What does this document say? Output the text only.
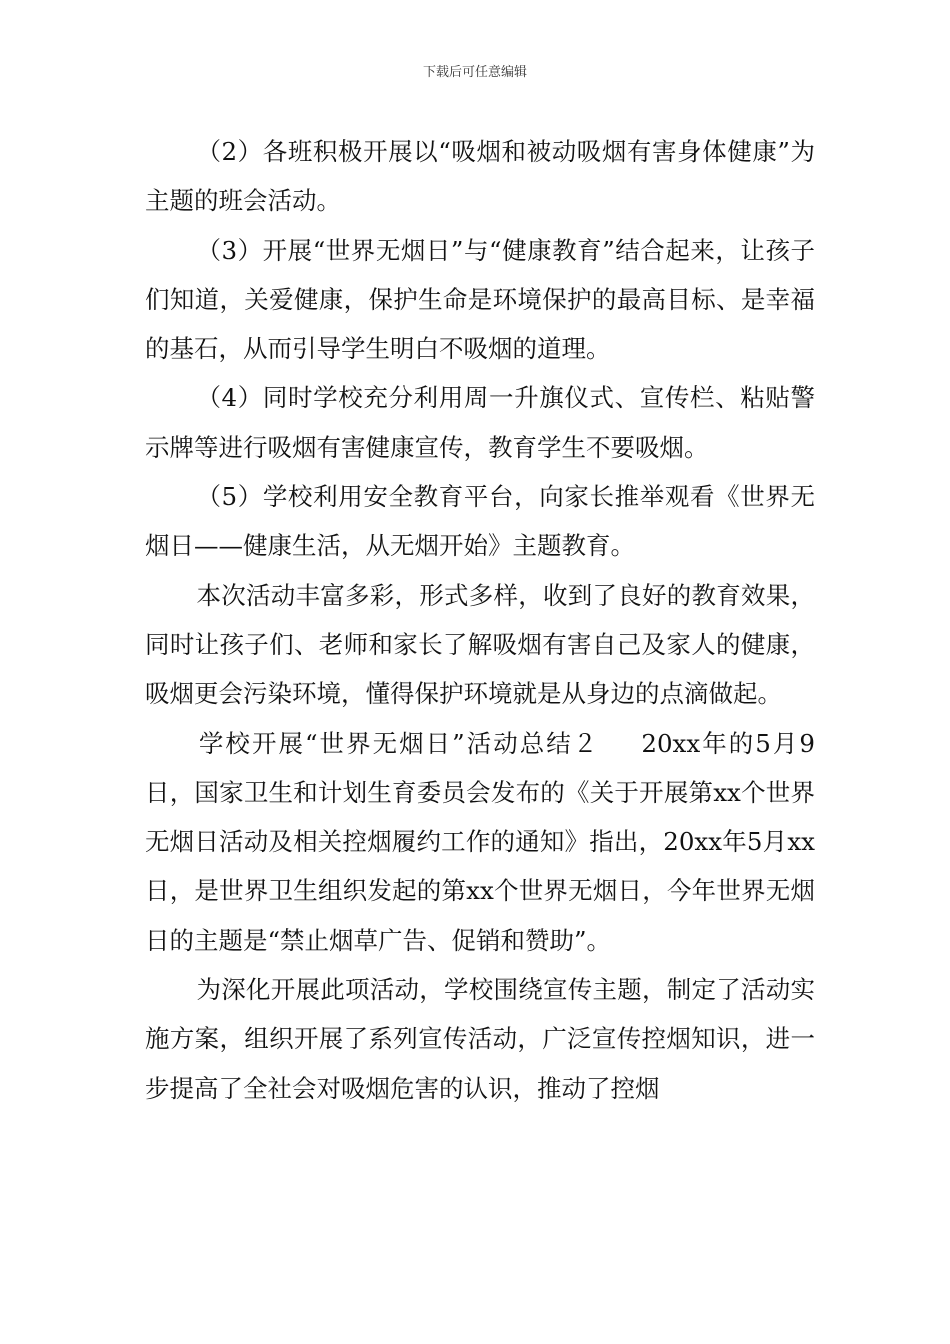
下载后可任意编辑

（2）各班积极开展以“吸烟和被动吸烟有害身体健康”为主题的班会活动。

（3）开展“世界无烟日”与“健康教育”结合起来，让孩子们知道，关爱健康，保护生命是环境保护的最高目标、是幸福的基石，从而引导学生明白不吸烟的道理。

（4）同时学校充分利用周一升旗仪式、宣传栏、粘贴警示牌等进行吸烟有害健康宣传，教育学生不要吸烟。

（5）学校利用安全教育平台，向家长推举观看《世界无烟日——健康生活，从无烟开始》主题教育。

本次活动丰富多彩，形式多样，收到了良好的教育效果，同时让孩子们、老师和家长了解吸烟有害自己及家人的健康，吸烟更会污染环境，懂得保护环境就是从身边的点滴做起。

学校开展“世界无烟日”活动总结２ 20xx年的5月9日，国家卫生和计划生育委员会发布的《关于开展第xx个世界无烟日活动及相关控烟履约工作的通知》指出，20xx年5月xx日，是世界卫生组织发起的第xx个世界无烟日，今年世界无烟日的主题是“禁止烟草广告、促销和赞助”。

为深化开展此项活动，学校围绕宣传主题，制定了活动实施方案，组织开展了系列宣传活动，广泛宣传控烟知识，进一步提高了全社会对吸烟危害的认识，推动了控烟
